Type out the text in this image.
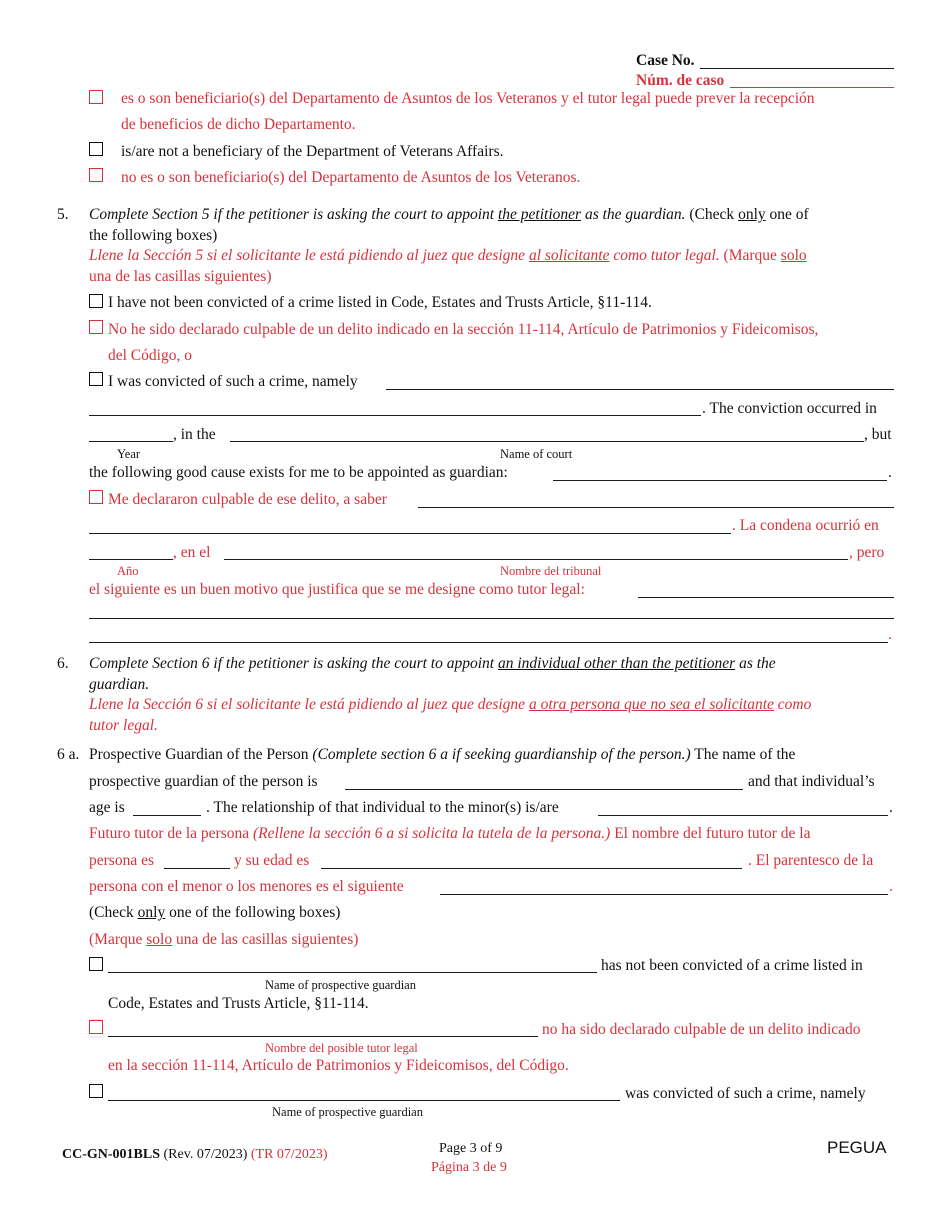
Case No.
Núm. de caso
es o son beneficiario(s) del Departamento de Asuntos de los Veteranos y el tutor legal puede prever la recepción
de beneficios de dicho Departamento.
is/are not a beneficiary of the Department of Veterans Affairs.
no es o son beneficiario(s) del Departamento de Asuntos de los Veteranos.
5. Complete Section 5 if the petitioner is asking the court to appoint the petitioner as the guardian. (Check only one of
the following boxes)
Llene la Sección 5 si el solicitante le está pidiendo al juez que designe al solicitante como tutor legal. (Marque solo
una de las casillas siguientes)
I have not been convicted of a crime listed in Code, Estates and Trusts Article, §11-114.
No he sido declarado culpable de un delito indicado en la sección 11-114, Artículo de Patrimonios y Fideicomisos,
del Código, o
I was convicted of such a crime, namely
. The conviction occurred in
, in the	, but
Year	Name of court
the following good cause exists for me to be appointed as guardian:	.
Me declararon culpable de ese delito, a saber
. La condena ocurrió en
, en el	, pero
Año	Nombre del tribunal
el siguiente es un buen motivo que justifica que se me designe como tutor legal:
.
6. Complete Section 6 if the petitioner is asking the court to appoint an individual other than the petitioner as the
guardian.
Llene la Sección 6 si el solicitante le está pidiendo al juez que designe a otra persona que no sea el solicitante como
tutor legal.
6 a. Prospective Guardian of the Person (Complete section 6 a if seeking guardianship of the person.) The name of the
prospective guardian of the person is	and that individual’s
age is	. The relationship of that individual to the minor(s) is/are	.
Futuro tutor de la persona (Rellene la sección 6 a si solicita la tutela de la persona.) El nombre del futuro tutor de la
persona es	y su edad es	. El parentesco de la
persona con el menor o los menores es el siguiente	.
(Check only one of the following boxes)
(Marque solo una de las casillas siguientes)
has not been convicted of a crime listed in
Name of prospective guardian
Code, Estates and Trusts Article, §11-114.
no ha sido declarado culpable de un delito indicado
Nombre del posible tutor legal
en la sección 11-114, Artículo de Patrimonios y Fideicomisos, del Código.
was convicted of such a crime, namely
Name of prospective guardian
CC-GN-001BLS (Rev. 07/2023) (TR 07/2023)	Page 3 of 9
Página 3 de 9
PEGUA
